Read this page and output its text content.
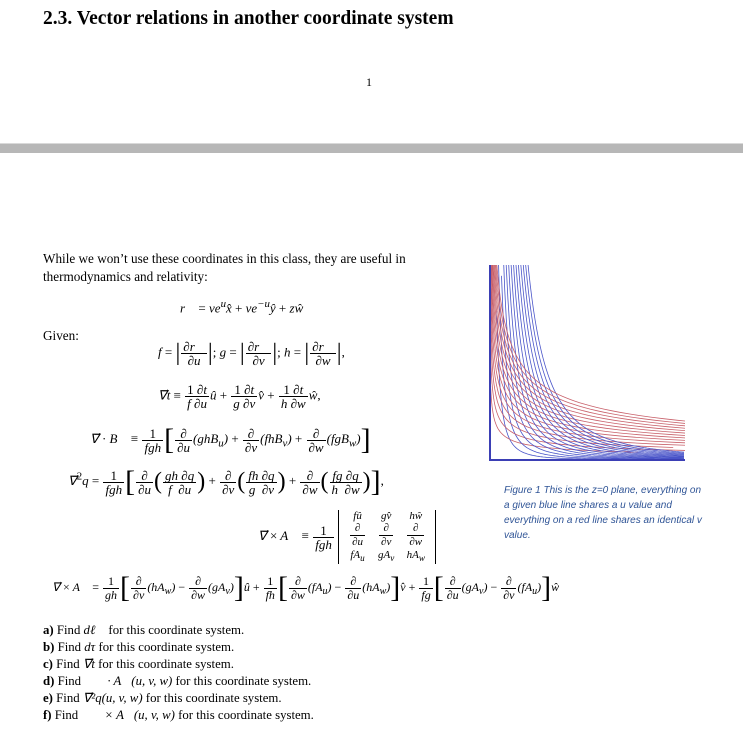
2.3. Vector relations in another coordinate system
1
While we won’t use these coordinates in this class, they are useful in thermodynamics and relativity:
r⃗ = $ve^ux̂$ + $ve^{-u}ŷ$ + zŵ
Given:
f = | $\frac{\partial r⃗}{\partial u}$ |; g = | $\frac{\partial r⃗}{\partial v}$ |; h = | $\frac{\partial r⃗}{\partial w}$ |,
∇⃗t ≡ $\frac{1 \partial t}{f \partial u}$ û + $\frac{1 \partial t}{g \partial v}$ v̂ + $\frac{1 \partial t}{h \partial w}$ ŵ,
∇⃗ · B⃗ ≡ $\frac{1}{\text{fgh}}$ [ $\frac{\partial}{\partial u} (ghB_u) + \frac{\partial}{\partial v} (fhB_v) + \frac{\partial}{\partial w} (fgB_w)$]
∇⃗$^2$q = $\frac{1}{\text{fgh}}$ [ $\frac{\partial}{\partial u}$ ( $\frac{gh \partial q}{f \partial u}$ ) + $\frac{\partial}{\partial v}$ ( $\frac{fh \partial q}{g \partial v}$ ) + $\frac{\partial}{\partial w}$ ( $\frac{fg \partial q}{h \partial w}$ )],
∇⃗ × A⃗ ≡ $\frac{1}{\text{fgh}}$

fû	gv̂	hŵ

$\frac{\partial}{\partial u}$	$\frac{\partial}{\partial v}$	$\frac{\partial}{\partial w}$

$fA_u$	$gA_v$	$hA_w$
∇⃗ × A⃗ = $\frac{1}{gh}$ [ $\frac{\partial}{\partial v} (hA_w) - \frac{\partial}{\partial w}$ $(gA_v)]û + \frac{1}{fh}$ [ $\frac{\partial}{\partial w} (fA_u) - \frac{\partial}{\partial u}$ $(hA_w)]v̂ + \frac{1}{fg}$ [ $\frac{\partial}{\partial u} (gA_v) - \frac{\partial}{\partial v}$ $(fA_u)]ŵ$
Figure 1 This is the z=0 plane, everything on a given blue line shares a u value and everything on a red line shares an identical v value.
a) Find dℓ⃗ for this coordinate system.
b) Find dτ for this coordinate system.
c) Find ∇⃗t for this coordinate system.
d) Find ∇⃗ · A⃗(u, v, w) for this coordinate system.
e) Find ∇⃗²q(u, v, w) for this coordinate system.
f) Find ∇⃗ × A⃗(u, v, w) for this coordinate system.
